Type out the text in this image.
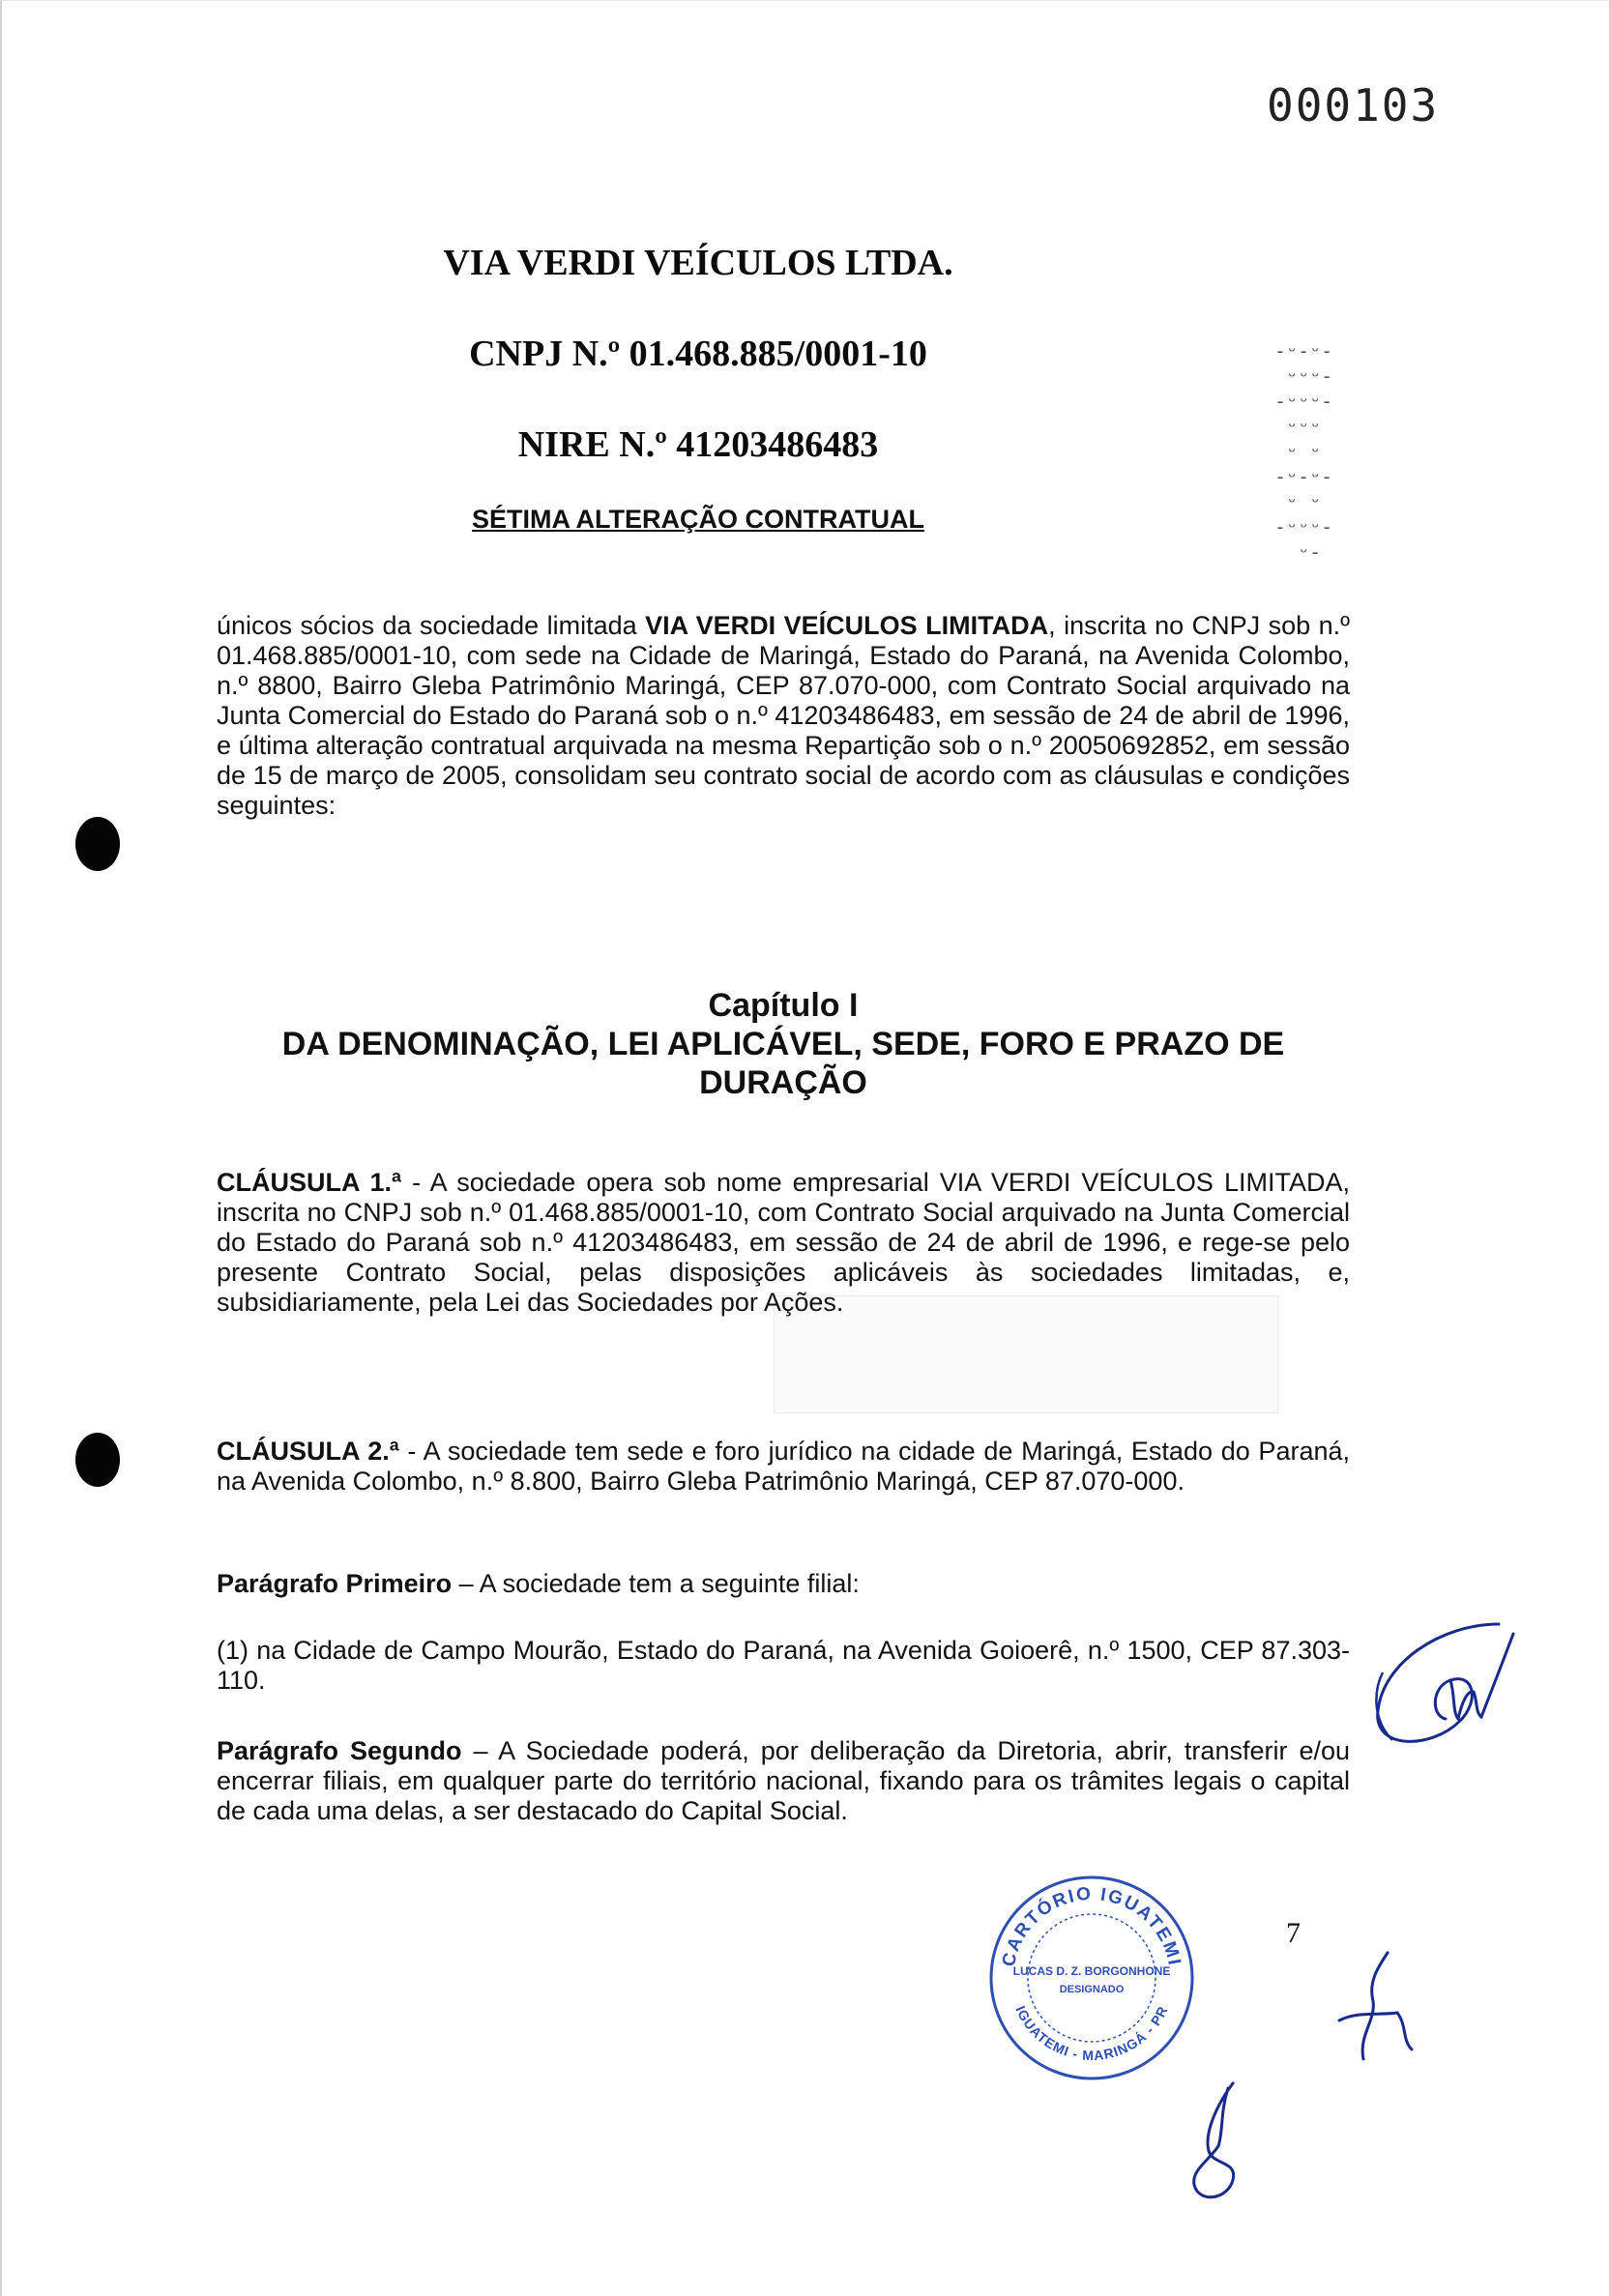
000103
VIA VERDI VEÍCULOS LTDA.
CNPJ N.º 01.468.885/0001-10
NIRE N.º 41203486483
SÉTIMA ALTERAÇÃO CONTRATUAL
-ᵕ-ᵕ-
ᵕᵕᵕ-
-ᵕᵕᵕ-
ᵕᵕᵕ
ᵕ ᵕ
-ᵕ-ᵕ-
ᵕ ᵕ
-ᵕᵕᵕ-
ᵕ-
únicos sócios da sociedade limitada VIA VERDI VEÍCULOS LIMITADA, inscrita no CNPJ sob n.º 01.468.885/0001-10, com sede na Cidade de Maringá, Estado do Paraná, na Avenida Colombo, n.º 8800, Bairro Gleba Patrimônio Maringá, CEP 87.070-000, com Contrato Social arquivado na Junta Comercial do Estado do Paraná sob o n.º 41203486483, em sessão de 24 de abril de 1996, e última alteração contratual arquivada na mesma Repartição sob o n.º 20050692852, em sessão de 15 de março de 2005, consolidam seu contrato social de acordo com as cláusulas e condições seguintes:
Capítulo I
DA DENOMINAÇÃO, LEI APLICÁVEL, SEDE, FORO E PRAZO DE DURAÇÃO
CLÁUSULA 1.ª - A sociedade opera sob nome empresarial VIA VERDI VEÍCULOS LIMITADA, inscrita no CNPJ sob n.º 01.468.885/0001-10, com Contrato Social arquivado na Junta Comercial do Estado do Paraná sob n.º 41203486483, em sessão de 24 de abril de 1996, e rege-se pelo presente Contrato Social, pelas disposições aplicáveis às sociedades limitadas, e, subsidiariamente, pela Lei das Sociedades por Ações.
CLÁUSULA 2.ª - A sociedade tem sede e foro jurídico na cidade de Maringá, Estado do Paraná, na Avenida Colombo, n.º 8.800, Bairro Gleba Patrimônio Maringá, CEP 87.070-000.
Parágrafo Primeiro – A sociedade tem a seguinte filial:
(1) na Cidade de Campo Mourão, Estado do Paraná, na Avenida Goioerê, n.º 1500, CEP 87.303-110.
Parágrafo Segundo – A Sociedade poderá, por deliberação da Diretoria, abrir, transferir e/ou encerrar filiais, em qualquer parte do território nacional, fixando para os trâmites legais o capital de cada uma delas, a ser destacado do Capital Social.
CARTÓRIO IGUATEMI
IGUATEMI - MARINGÁ - PR
LUCAS D. Z. BORGONHONE
DESIGNADO
7
